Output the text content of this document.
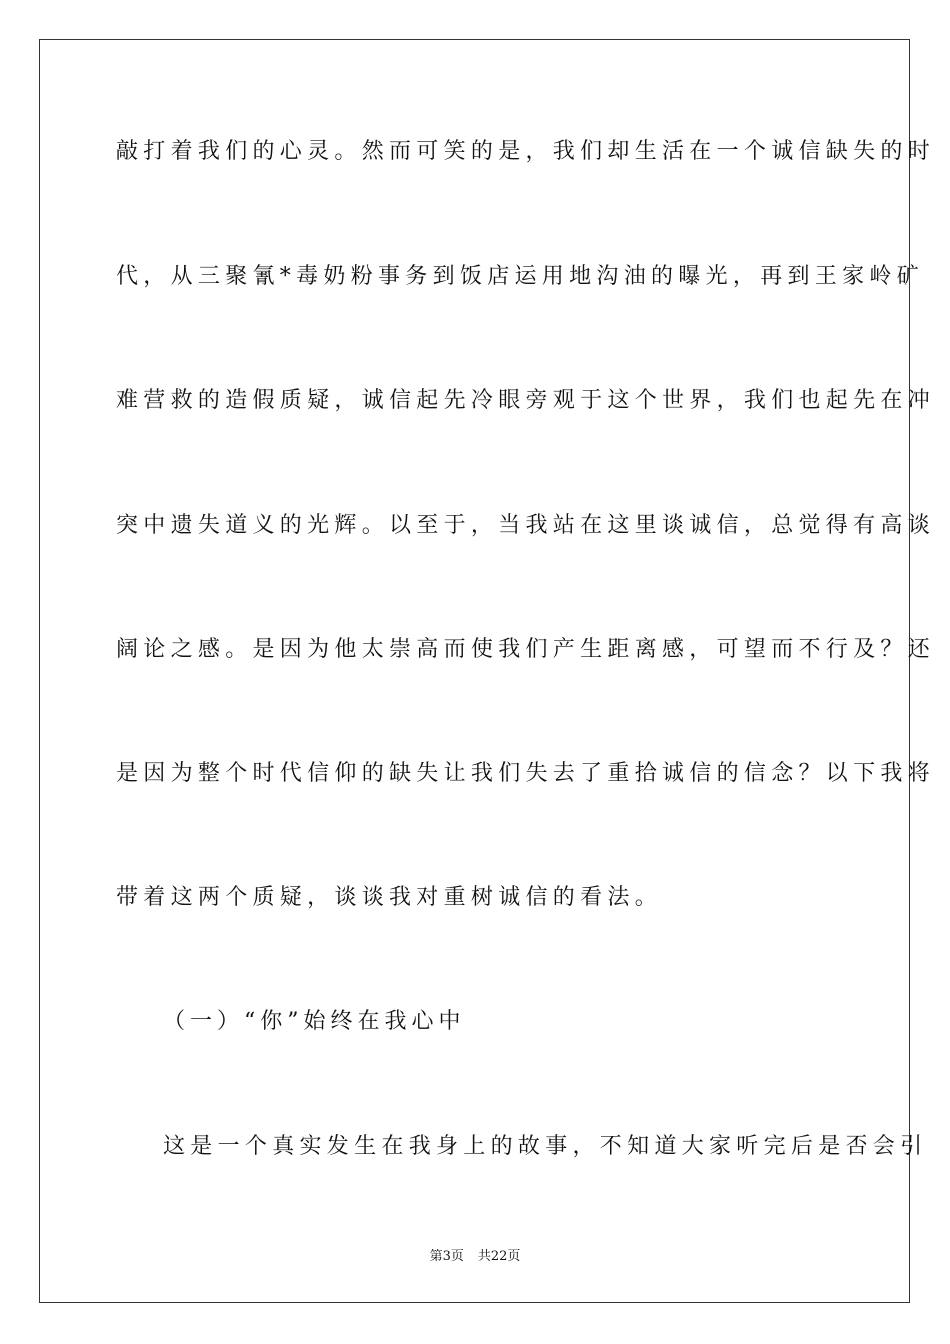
敲打着我们的心灵。然而可笑的是，我们却生活在一个诚信缺失的时
代，从三聚氰*毒奶粉事务到饭店运用地沟油的曝光，再到王家岭矿
难营救的造假质疑，诚信起先冷眼旁观于这个世界，我们也起先在冲
突中遗失道义的光辉。以至于，当我站在这里谈诚信，总觉得有高谈
阔论之感。是因为他太崇高而使我们产生距离感，可望而不行及？还
是因为整个时代信仰的缺失让我们失去了重拾诚信的信念？以下我将
带着这两个质疑，谈谈我对重树诚信的看法。
（一）“你”始终在我心中
这是一个真实发生在我身上的故事，不知道大家听完后是否会引
第3页 共22页
